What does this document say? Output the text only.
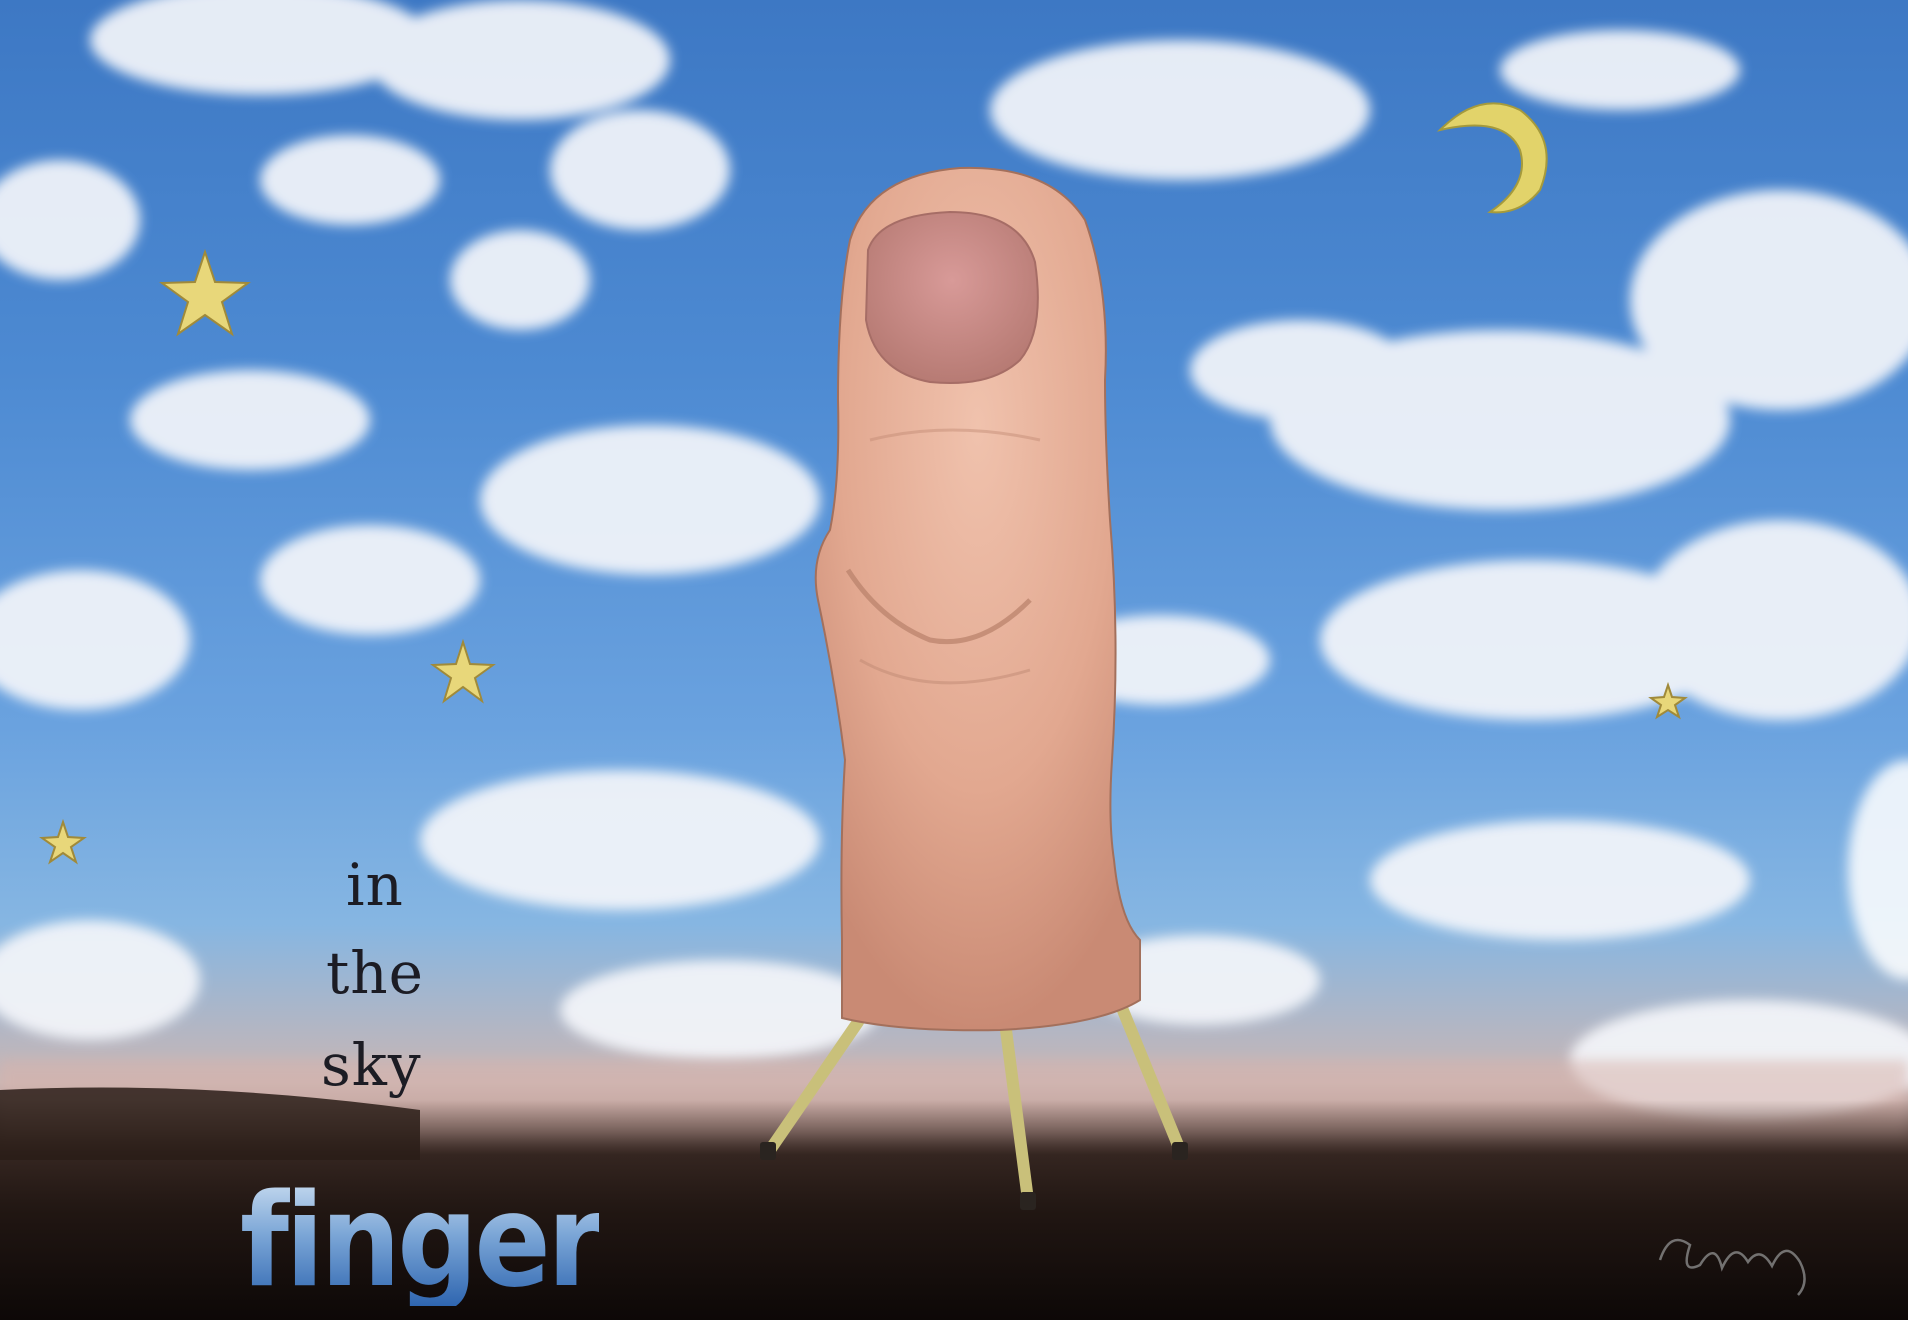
in
the
sky
finger
